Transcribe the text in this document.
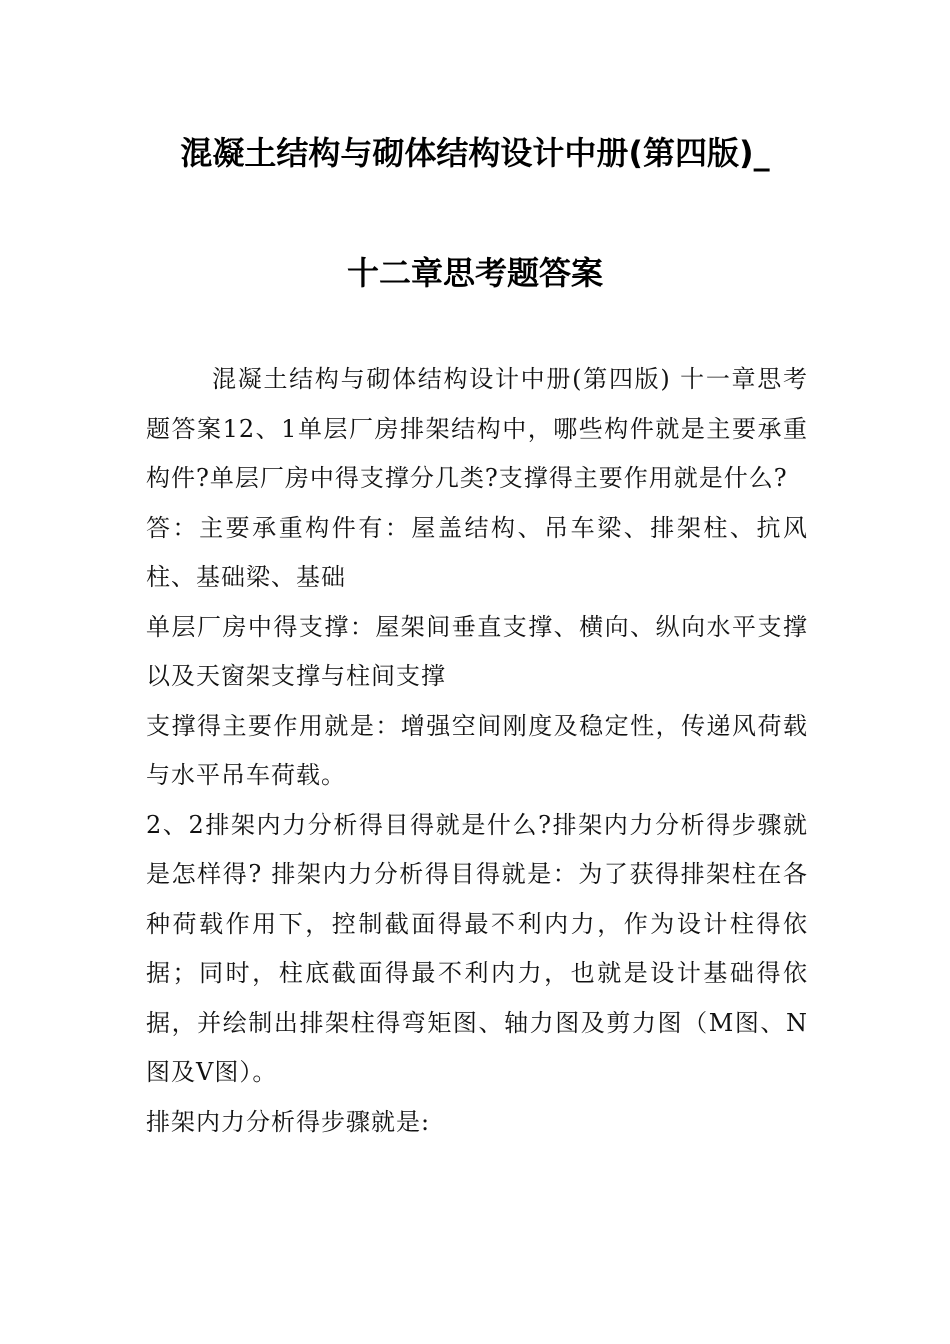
混凝土结构与砌体结构设计中册(第四版)_
十二章思考题答案

混凝土结构与砌体结构设计中册(第四版) 十一章思考题答案12、1单层厂房排架结构中，哪些构件就是主要承重构件?单层厂房中得支撑分几类?支撑得主要作用就是什么?

答：主要承重构件有：屋盖结构、吊车梁、排架柱、抗风柱、基础梁、基础

单层厂房中得支撑：屋架间垂直支撑、横向、纵向水平支撑以及天窗架支撑与柱间支撑

支撑得主要作用就是：增强空间刚度及稳定性，传递风荷载与水平吊车荷载。

2、2排架内力分析得目得就是什么?排架内力分析得步骤就是怎样得? 排架内力分析得目得就是：为了获得排架柱在各种荷载作用下，控制截面得最不利内力，作为设计柱得依据；同时，柱底截面得最不利内力，也就是设计基础得依据，并绘制出排架柱得弯矩图、轴力图及剪力图（M图、N图及V图）。

排架内力分析得步骤就是:
